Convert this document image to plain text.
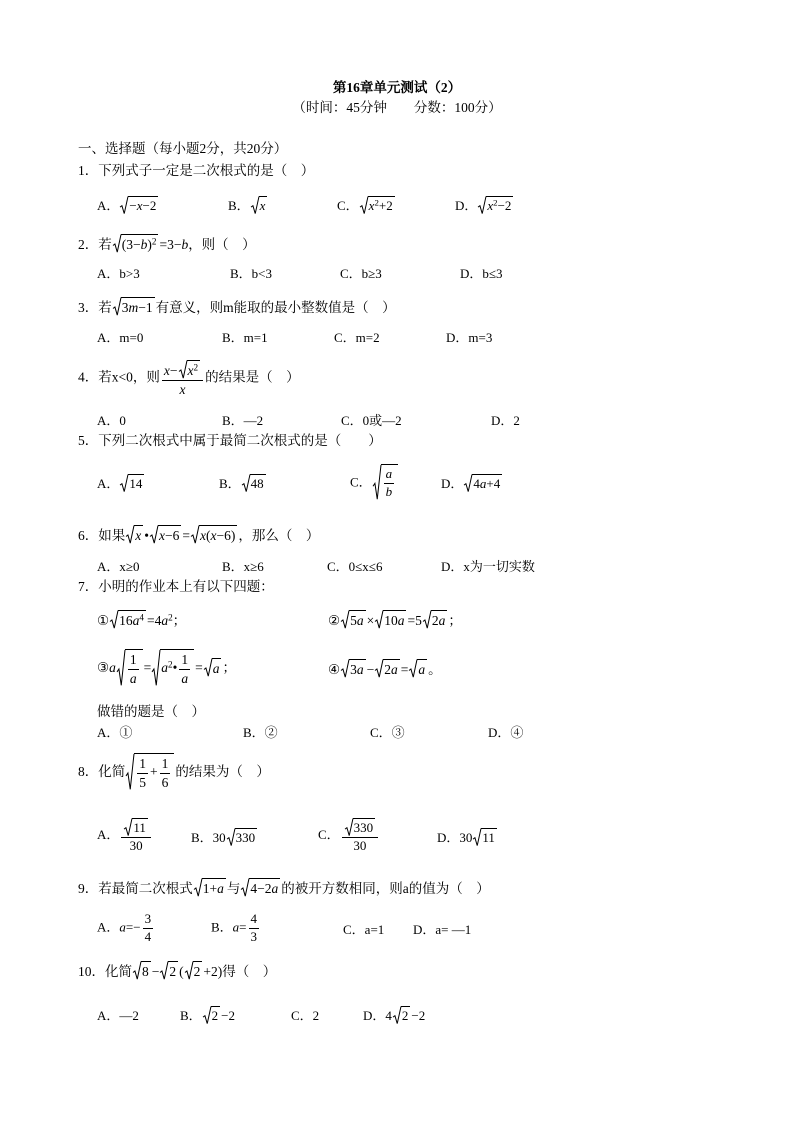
第16章单元测试（2）
（时间：45分钟　　分数：100分）
一、选择题（每小题2分，共20分）
1．下列式子一定是二次根式的是（　）
A． −x−2	B． x	C． $x^2+2$	D． $x^2-2$
2．若 $(3-b)^2 =3-b$，则（　）
A．b>3	B．b<3	C．b≥3	D．b≤3
3．若 3m−1 有意义，则m能取的最小整数值是（　）
A．m=0	B．m=1	C．m=2	D．m=3
4．若x<0，则 $\frac{x- x^2}{x}$ 的结果是（　）
A．0	B．—2	C．0或—2	D．2
5．下列二次根式中属于最简二次根式的是（　　）
A． 14	B． 48	C． $\frac{a}{b}$	D． 4a+4
6．如果 x • x−6 = x(x−6) ，那么（　）
A．x≥0	B．x≥6	C．0≤x≤6	D．x为一切实数
7．小明的作业本上有以下四题：
① $16a^4 =4a^2$；	② 5a × 10a =5 2a ；
③a $\frac{1}{a}$ = $a^2• \frac{1}{a} = a$ ；	④ 3a − 2a = a 。
做错的题是（　）
A．①	B．②	C．③	D．④
8．化简 $\frac{1}{5} + \frac{1}{6}$ 的结果为（　）
A． $\frac{11}{30}$	B．30 330	C． $\frac{330}{30}$	D．30 11
9．若最简二次根式 1+a 与 4−2a 的被开方数相同，则a的值为（　）
A．$a=- \frac{3}{4}$	B．$a= \frac{4}{3}$	C．a=1 D．a= —1
10．化简 8 − 2 ( 2 +2)得（　）
A．—2	B． 2 −2	C．2	D．4 2 −2
